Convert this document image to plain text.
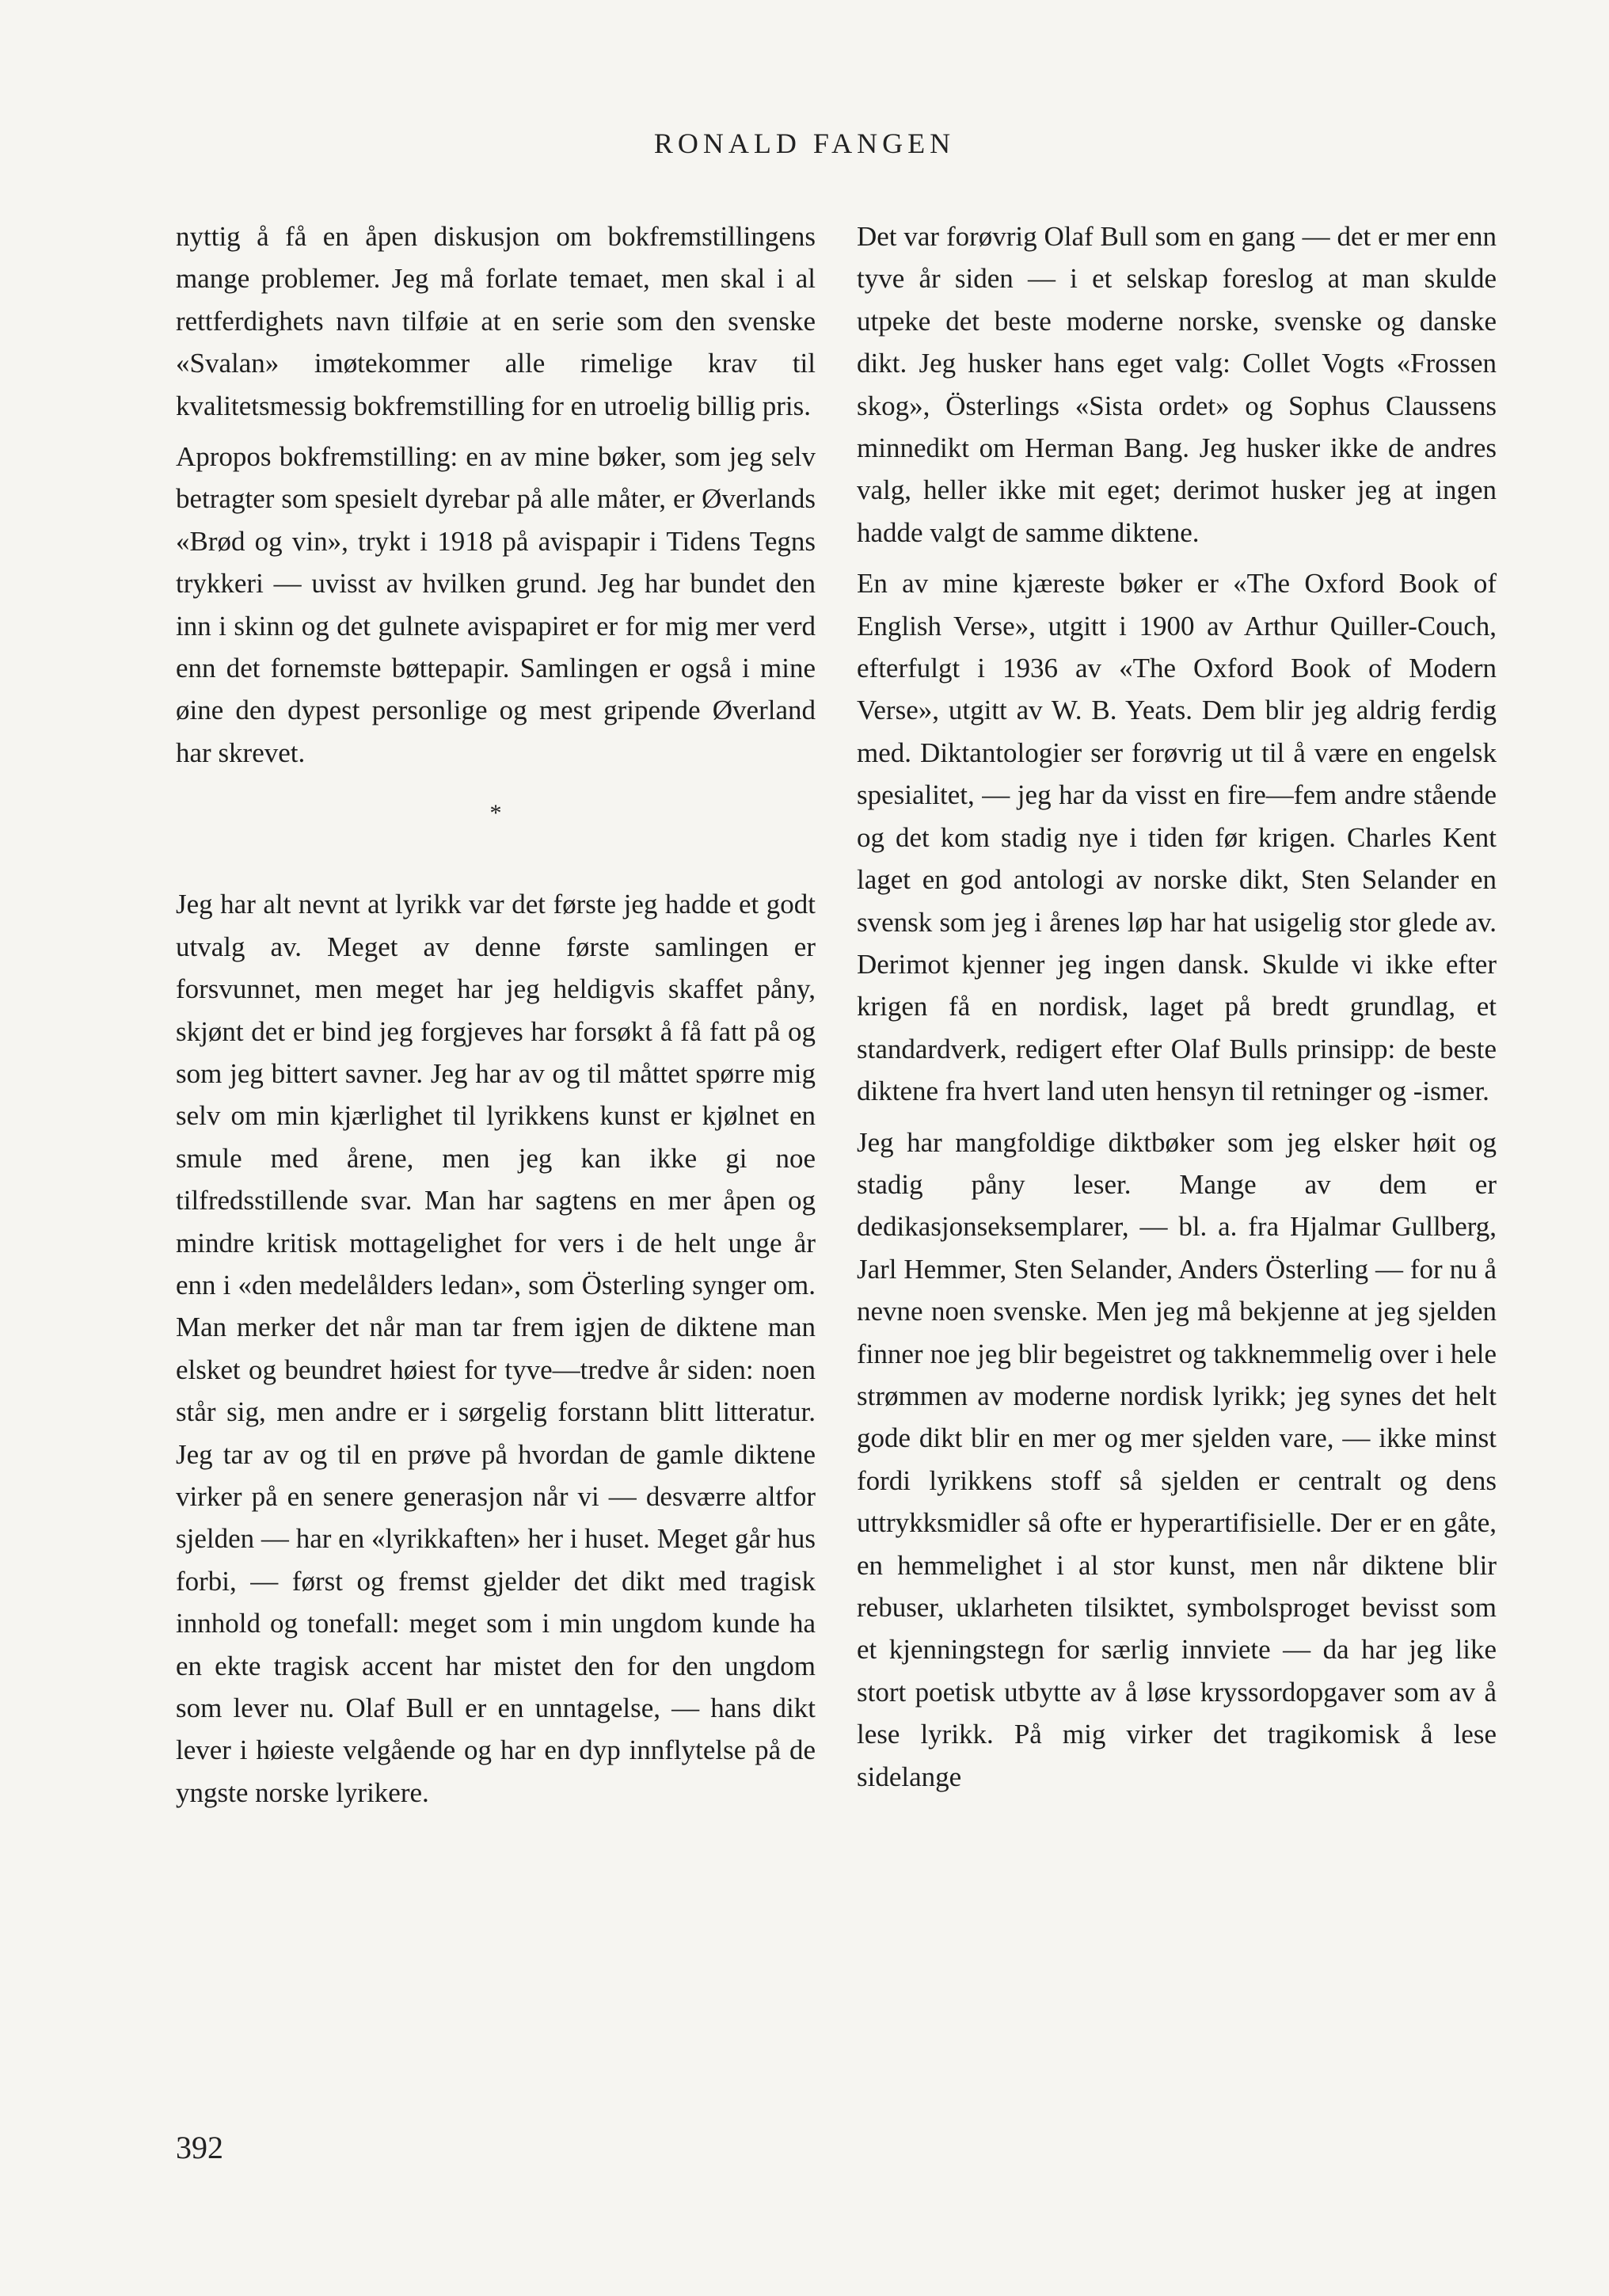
RONALD FANGEN

nyttig å få en åpen diskusjon om bokfremstillingens mange problemer. Jeg må forlate temaet, men skal i al rettferdighets navn tilføie at en serie som den svenske «Svalan» imøtekommer alle rimelige krav til kvalitetsmessig bokfremstilling for en utroelig billig pris.

Apropos bokfremstilling: en av mine bøker, som jeg selv betragter som spesielt dyrebar på alle måter, er Øverlands «Brød og vin», trykt i 1918 på avispapir i Tidens Tegns trykkeri — uvisst av hvilken grund. Jeg har bundet den inn i skinn og det gulnete avispapiret er for mig mer verd enn det fornemste bøttepapir. Samlingen er også i mine øine den dypest personlige og mest gripende Øverland har skrevet.

*

Jeg har alt nevnt at lyrikk var det første jeg hadde et godt utvalg av. Meget av denne første samlingen er forsvunnet, men meget har jeg heldigvis skaffet påny, skjønt det er bind jeg forgjeves har forsøkt å få fatt på og som jeg bittert savner. Jeg har av og til måttet spørre mig selv om min kjærlighet til lyrikkens kunst er kjølnet en smule med årene, men jeg kan ikke gi noe tilfredsstillende svar. Man har sagtens en mer åpen og mindre kritisk mottagelighet for vers i de helt unge år enn i «den medelålders ledan», som Österling synger om. Man merker det når man tar frem igjen de diktene man elsket og beundret høiest for tyve—tredve år siden: noen står sig, men andre er i sørgelig forstann blitt litteratur. Jeg tar av og til en prøve på hvordan de gamle diktene virker på en senere generasjon når vi — desværre altfor sjelden — har en «lyrikkaften» her i huset. Meget går hus forbi, — først og fremst gjelder det dikt med tragisk innhold og tonefall: meget som i min ungdom kunde ha en ekte tragisk accent har mistet den for den ungdom som lever nu. Olaf Bull er en unntagelse, — hans dikt lever i høieste velgående og har en dyp innflytelse på de yngste norske lyrikere.

Det var forøvrig Olaf Bull som en gang — det er mer enn tyve år siden — i et selskap foreslog at man skulde utpeke det beste moderne norske, svenske og danske dikt. Jeg husker hans eget valg: Collet Vogts «Frossen skog», Österlings «Sista ordet» og Sophus Claussens minnedikt om Herman Bang. Jeg husker ikke de andres valg, heller ikke mit eget; derimot husker jeg at ingen hadde valgt de samme diktene.

En av mine kjæreste bøker er «The Oxford Book of English Verse», utgitt i 1900 av Arthur Quiller-Couch, efterfulgt i 1936 av «The Oxford Book of Modern Verse», utgitt av W. B. Yeats. Dem blir jeg aldrig ferdig med. Diktantologier ser forøvrig ut til å være en engelsk spesialitet, — jeg har da visst en fire—fem andre stående og det kom stadig nye i tiden før krigen. Charles Kent laget en god antologi av norske dikt, Sten Selander en svensk som jeg i årenes løp har hat usigelig stor glede av. Derimot kjenner jeg ingen dansk. Skulde vi ikke efter krigen få en nordisk, laget på bredt grundlag, et standardverk, redigert efter Olaf Bulls prinsipp: de beste diktene fra hvert land uten hensyn til retninger og -ismer.

Jeg har mangfoldige diktbøker som jeg elsker høit og stadig påny leser. Mange av dem er dedikasjonseksemplarer, — bl. a. fra Hjalmar Gullberg, Jarl Hemmer, Sten Selander, Anders Österling — for nu å nevne noen svenske. Men jeg må bekjenne at jeg sjelden finner noe jeg blir begeistret og takknemmelig over i hele strømmen av moderne nordisk lyrikk; jeg synes det helt gode dikt blir en mer og mer sjelden vare, — ikke minst fordi lyrikkens stoff så sjelden er centralt og dens uttrykksmidler så ofte er hyperartifisielle. Der er en gåte, en hemmelighet i al stor kunst, men når diktene blir rebuser, uklarheten tilsiktet, symbolsproget bevisst som et kjenningstegn for særlig innviete — da har jeg like stort poetisk utbytte av å løse kryssordopgaver som av å lese lyrikk. På mig virker det tragikomisk å lese sidelange

392
